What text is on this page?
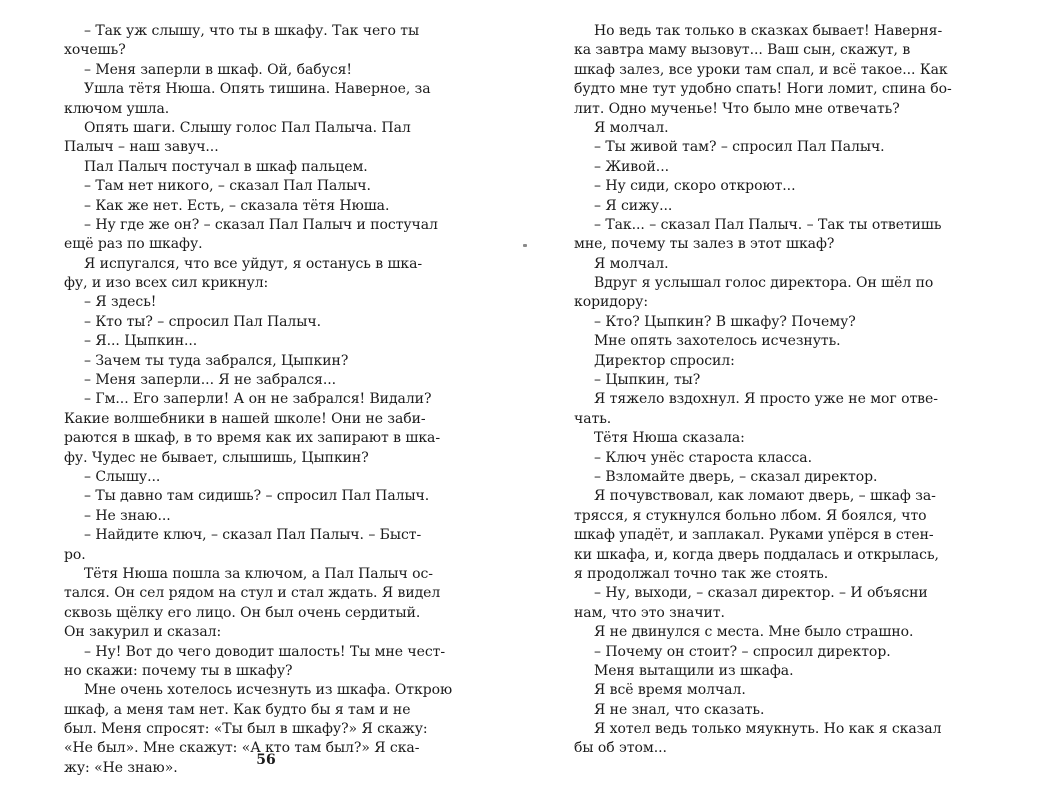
– Так уж слышу, что ты в шкафу. Так чего ты
хочешь?
– Меня заперли в шкаф. Ой, бабуся!
Ушла тётя Нюша. Опять тишина. Наверное, за
ключом ушла.
Опять шаги. Слышу голос Пал Палыча. Пал
Палыч – наш завуч...
Пал Палыч постучал в шкаф пальцем.
– Там нет никого, – сказал Пал Палыч.
– Как же нет. Есть, – сказала тётя Нюша.
– Ну где же он? – сказал Пал Палыч и постучал
ещё раз по шкафу.
Я испугался, что все уйдут, я останусь в шка-
фу, и изо всех сил крикнул:
– Я здесь!
– Кто ты? – спросил Пал Палыч.
– Я... Цыпкин...
– Зачем ты туда забрался, Цыпкин?
– Меня заперли... Я не забрался...
– Гм... Его заперли! А он не забрался! Видали?
Какие волшебники в нашей школе! Они не заби-
раются в шкаф, в то время как их запирают в шка-
фу. Чудес не бывает, слышишь, Цыпкин?
– Слышу...
– Ты давно там сидишь? – спросил Пал Палыч.
– Не знаю...
– Найдите ключ, – сказал Пал Палыч. – Быст-
ро.
Тётя Нюша пошла за ключом, а Пал Палыч ос-
тался. Он сел рядом на стул и стал ждать. Я видел
сквозь щёлку его лицо. Он был очень сердитый.
Он закурил и сказал:
– Ну! Вот до чего доводит шалость! Ты мне чест-
но скажи: почему ты в шкафу?
Мне очень хотелось исчезнуть из шкафа. Открою
шкаф, а меня там нет. Как будто бы я там и не
был. Меня спросят: «Ты был в шкафу?» Я скажу:
«Не был». Мне скажут: «А кто там был?» Я ска-
жу: «Не знаю».
Но ведь так только в сказках бывает! Наверня-
ка завтра маму вызовут... Ваш сын, скажут, в
шкаф залез, все уроки там спал, и всё такое... Как
будто мне тут удобно спать! Ноги ломит, спина бо-
лит. Одно мученье! Что было мне отвечать?
Я молчал.
– Ты живой там? – спросил Пал Палыч.
– Живой...
– Ну сиди, скоро откроют...
– Я сижу...
– Так... – сказал Пал Палыч. – Так ты ответишь
мне, почему ты залез в этот шкаф?
Я молчал.
Вдруг я услышал голос директора. Он шёл по
коридору:
– Кто? Цыпкин? В шкафу? Почему?
Мне опять захотелось исчезнуть.
Директор спросил:
– Цыпкин, ты?
Я тяжело вздохнул. Я просто уже не мог отве-
чать.
Тётя Нюша сказала:
– Ключ унёс староста класса.
– Взломайте дверь, – сказал директор.
Я почувствовал, как ломают дверь, – шкаф за-
трясся, я стукнулся больно лбом. Я боялся, что
шкаф упадёт, и заплакал. Руками упёрся в стен-
ки шкафа, и, когда дверь поддалась и открылась,
я продолжал точно так же стоять.
– Ну, выходи, – сказал директор. – И объясни
нам, что это значит.
Я не двинулся с места. Мне было страшно.
– Почему он стоит? – спросил директор.
Меня вытащили из шкафа.
Я всё время молчал.
Я не знал, что сказать.
Я хотел ведь только мяукнуть. Но как я сказал
бы об этом...
56
